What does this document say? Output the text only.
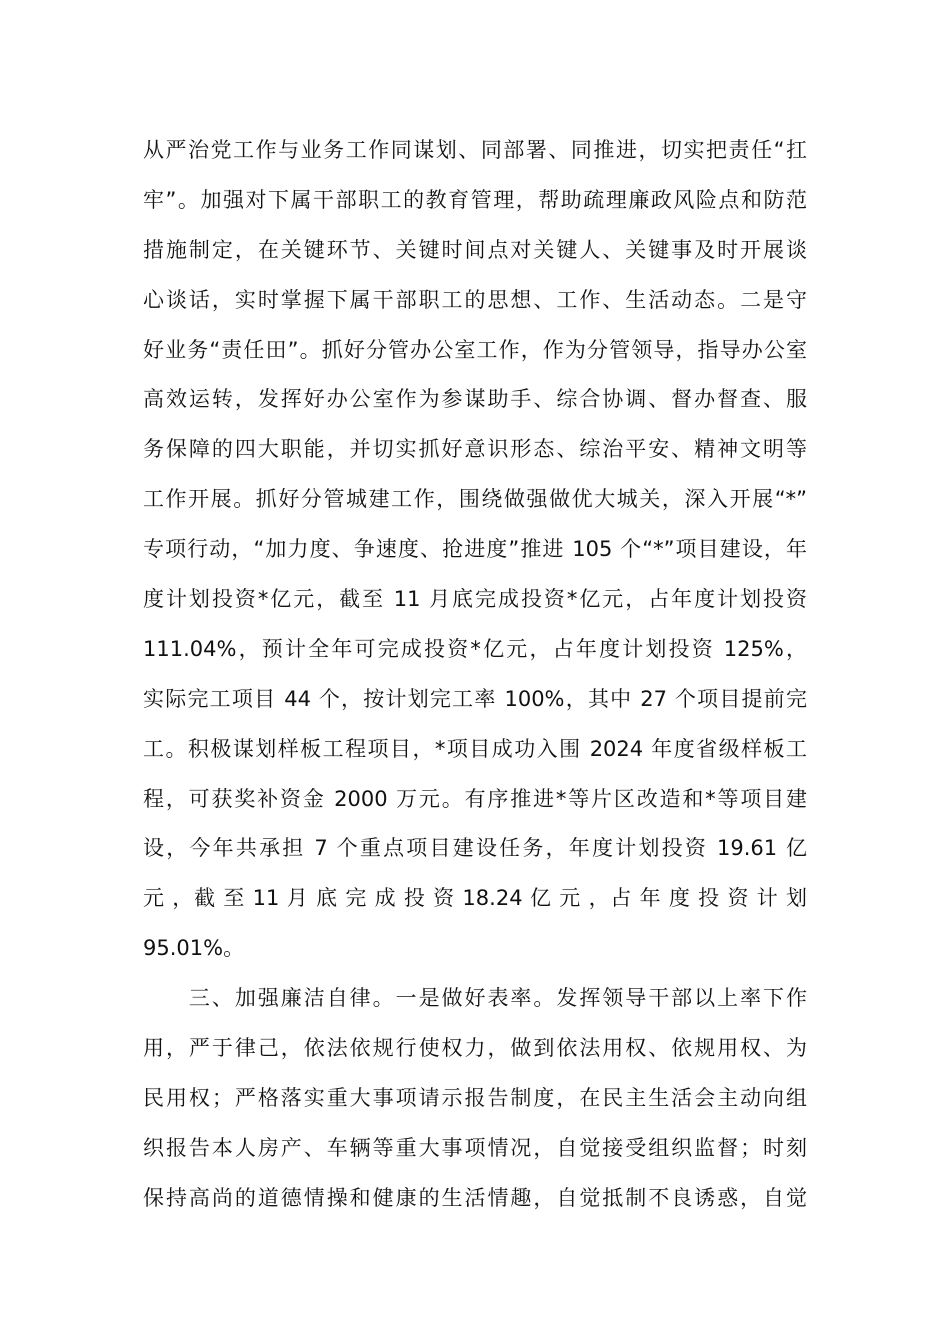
从严治党工作与业务工作同谋划、同部署、同推进，切实把责任“扛
牢”。加强对下属干部职工的教育管理，帮助疏理廉政风险点和防范
措施制定，在关键环节、关键时间点对关键人、关键事及时开展谈
心谈话，实时掌握下属干部职工的思想、工作、生活动态。二是守
好业务“责任田”。抓好分管办公室工作，作为分管领导，指导办公室
高效运转，发挥好办公室作为参谋助手、综合协调、督办督查、服
务保障的四大职能，并切实抓好意识形态、综治平安、精神文明等
工作开展。抓好分管城建工作，围绕做强做优大城关，深入开展“*”
专项行动，“加力度、争速度、抢进度”推进 105 个“*”项目建设，年
度计划投资*亿元，截至 11 月底完成投资*亿元，占年度计划投资
111.04%，预计全年可完成投资*亿元，占年度计划投资 125%，
实际完工项目 44 个，按计划完工率 100%，其中 27 个项目提前完
工。积极谋划样板工程项目，*项目成功入围 2024 年度省级样板工
程，可获奖补资金 2000 万元。有序推进*等片区改造和*等项目建
设，今年共承担 7 个重点项目建设任务，年度计划投资 19.61 亿
元 ，截 至 11 月 底 完 成 投 资 18.24 亿 元 ，占 年 度 投 资 计 划
95.01%。
　　三、加强廉洁自律。一是做好表率。发挥领导干部以上率下作
用，严于律己，依法依规行使权力，做到依法用权、依规用权、为
民用权；严格落实重大事项请示报告制度，在民主生活会主动向组
织报告本人房产、车辆等重大事项情况，自觉接受组织监督；时刻
保持高尚的道德情操和健康的生活情趣，自觉抵制不良诱惑，自觉
